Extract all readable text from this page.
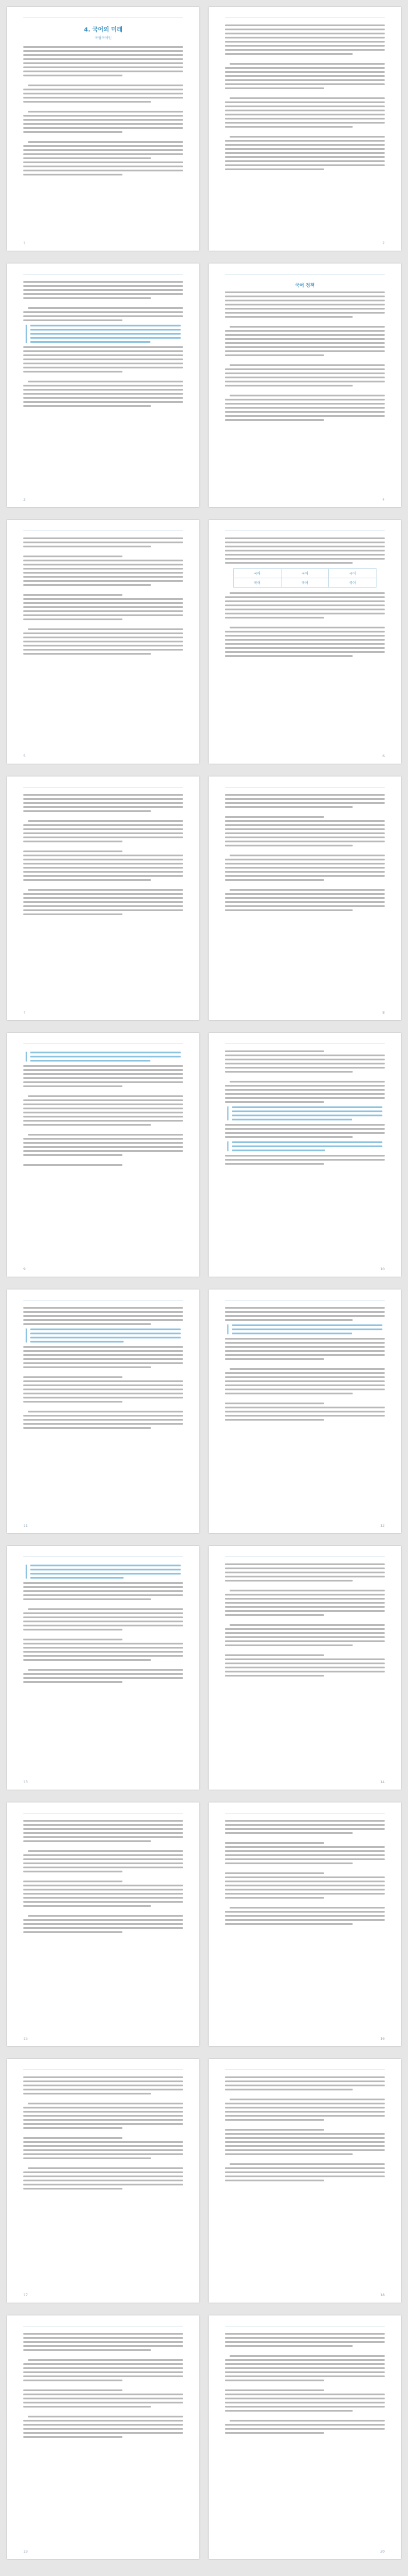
4. 국어의 미래
국립국어원
1	2
3
국어 정책
4
5
국어	국어	국어
국어	국어	국어
6
7	8
9	10
11	12
13	14
15	16
17	18
19	20
